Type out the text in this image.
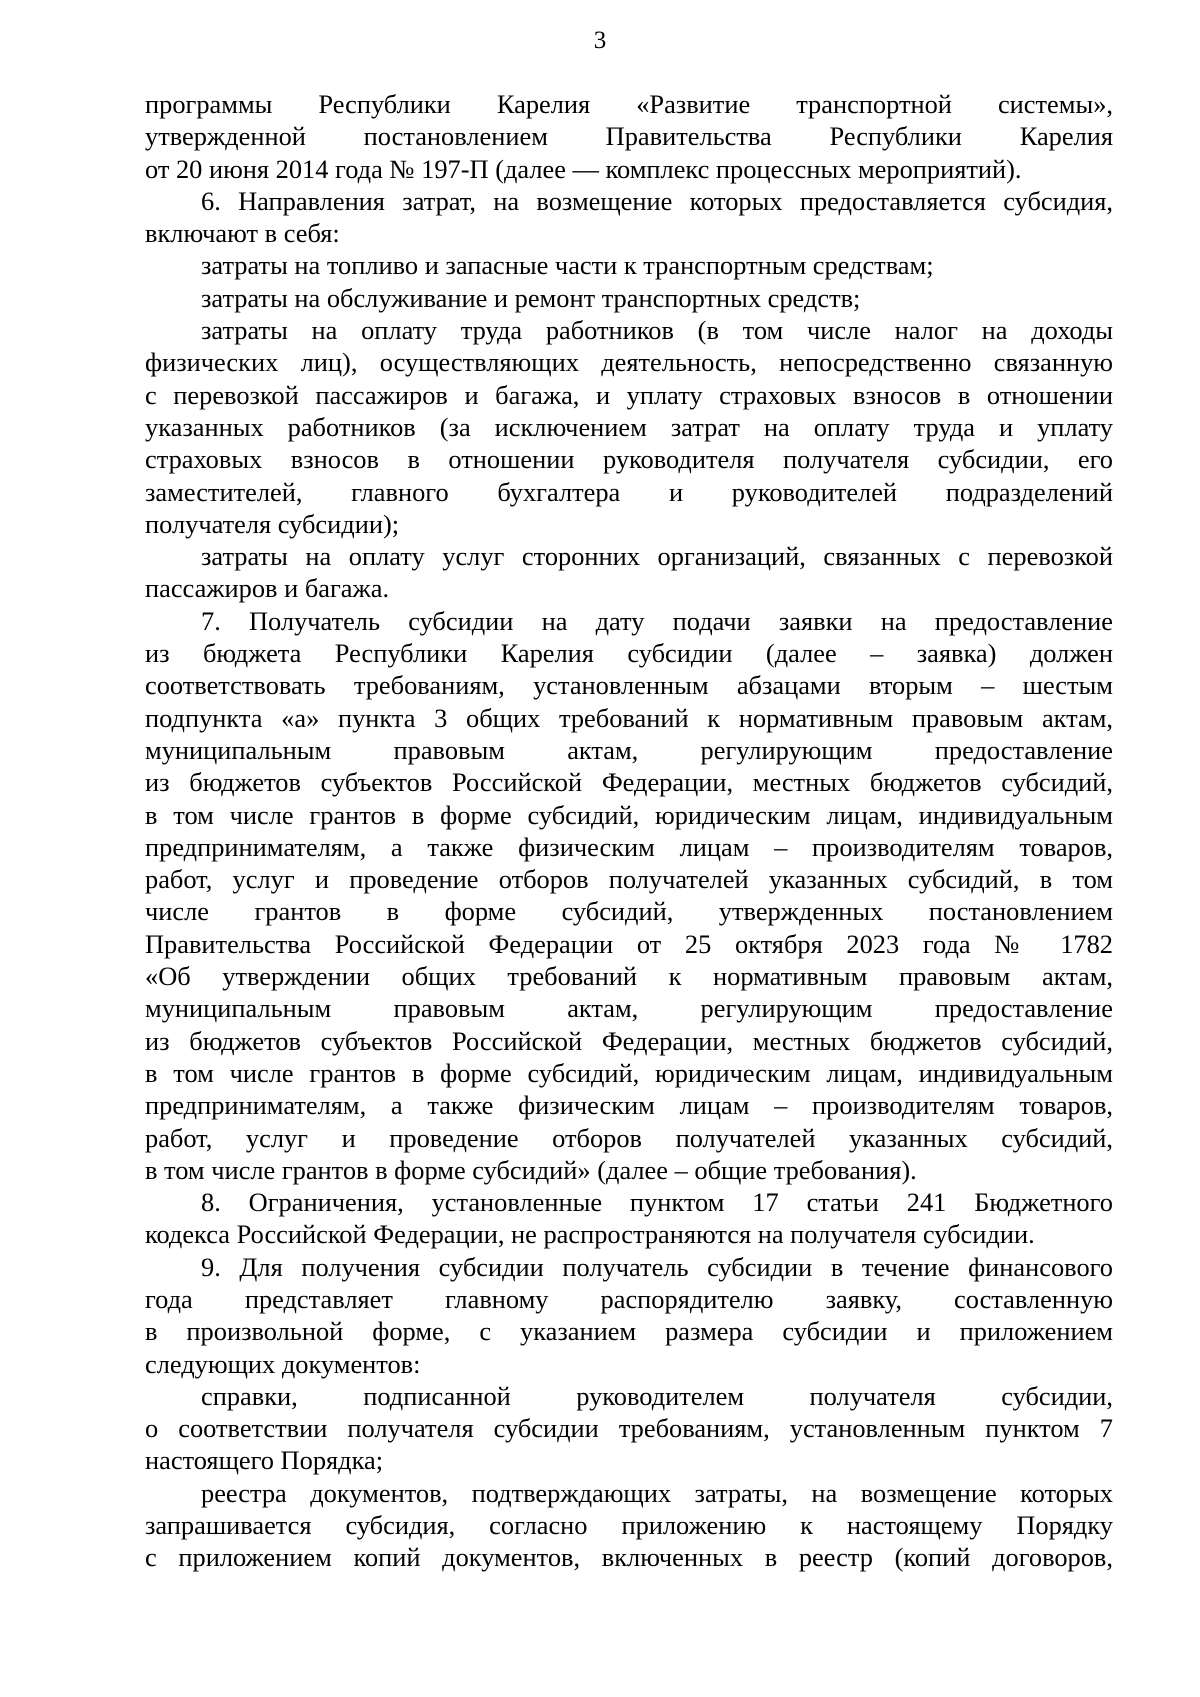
3

программы Республики Карелия «Развитие транспортной системы»,

утвержденной постановлением Правительства Республики Карелия

от 20 июня 2014 года № 197-П (далее — комплекс процессных мероприятий).

6. Направления затрат, на возмещение которых предоставляется субсидия,

включают в себя:

затраты на топливо и запасные части к транспортным средствам;

затраты на обслуживание и ремонт транспортных средств;

затраты на оплату труда работников (в том числе налог на доходы

физических лиц), осуществляющих деятельность, непосредственно связанную

с перевозкой пассажиров и багажа, и уплату страховых взносов в отношении

указанных работников (за исключением затрат на оплату труда и уплату

страховых взносов в отношении руководителя получателя субсидии, его

заместителей, главного бухгалтера и руководителей подразделений

получателя субсидии);

затраты на оплату услуг сторонних организаций, связанных с перевозкой

пассажиров и багажа.

7. Получатель субсидии на дату подачи заявки на предоставление

из бюджета Республики Карелия субсидии (далее – заявка) должен

соответствовать требованиям, установленным абзацами вторым – шестым

подпункта «а» пункта 3 общих требований к нормативным правовым актам,

муниципальным правовым актам, регулирующим предоставление

из бюджетов субъектов Российской Федерации, местных бюджетов субсидий,

в том числе грантов в форме субсидий, юридическим лицам, индивидуальным

предпринимателям, а также физическим лицам – производителям товаров,

работ, услуг и проведение отборов получателей указанных субсидий, в том

числе грантов в форме субсидий, утвержденных постановлением

Правительства Российской Федерации от 25 октября 2023 года № 1782

«Об утверждении общих требований к нормативным правовым актам,

муниципальным правовым актам, регулирующим предоставление

из бюджетов субъектов Российской Федерации, местных бюджетов субсидий,

в том числе грантов в форме субсидий, юридическим лицам, индивидуальным

предпринимателям, а также физическим лицам – производителям товаров,

работ, услуг и проведение отборов получателей указанных субсидий,

в том числе грантов в форме субсидий» (далее – общие требования).

8. Ограничения, установленные пунктом 17 статьи 241 Бюджетного

кодекса Российской Федерации, не распространяются на получателя субсидии.

9. Для получения субсидии получатель субсидии в течение финансового

года представляет главному распорядителю заявку, составленную

в произвольной форме, с указанием размера субсидии и приложением

следующих документов:

справки, подписанной руководителем получателя субсидии,

о соответствии получателя субсидии требованиям, установленным пунктом 7

настоящего Порядка;

реестра документов, подтверждающих затраты, на возмещение которых

запрашивается субсидия, согласно приложению к настоящему Порядку

с приложением копий документов, включенных в реестр (копий договоров,
